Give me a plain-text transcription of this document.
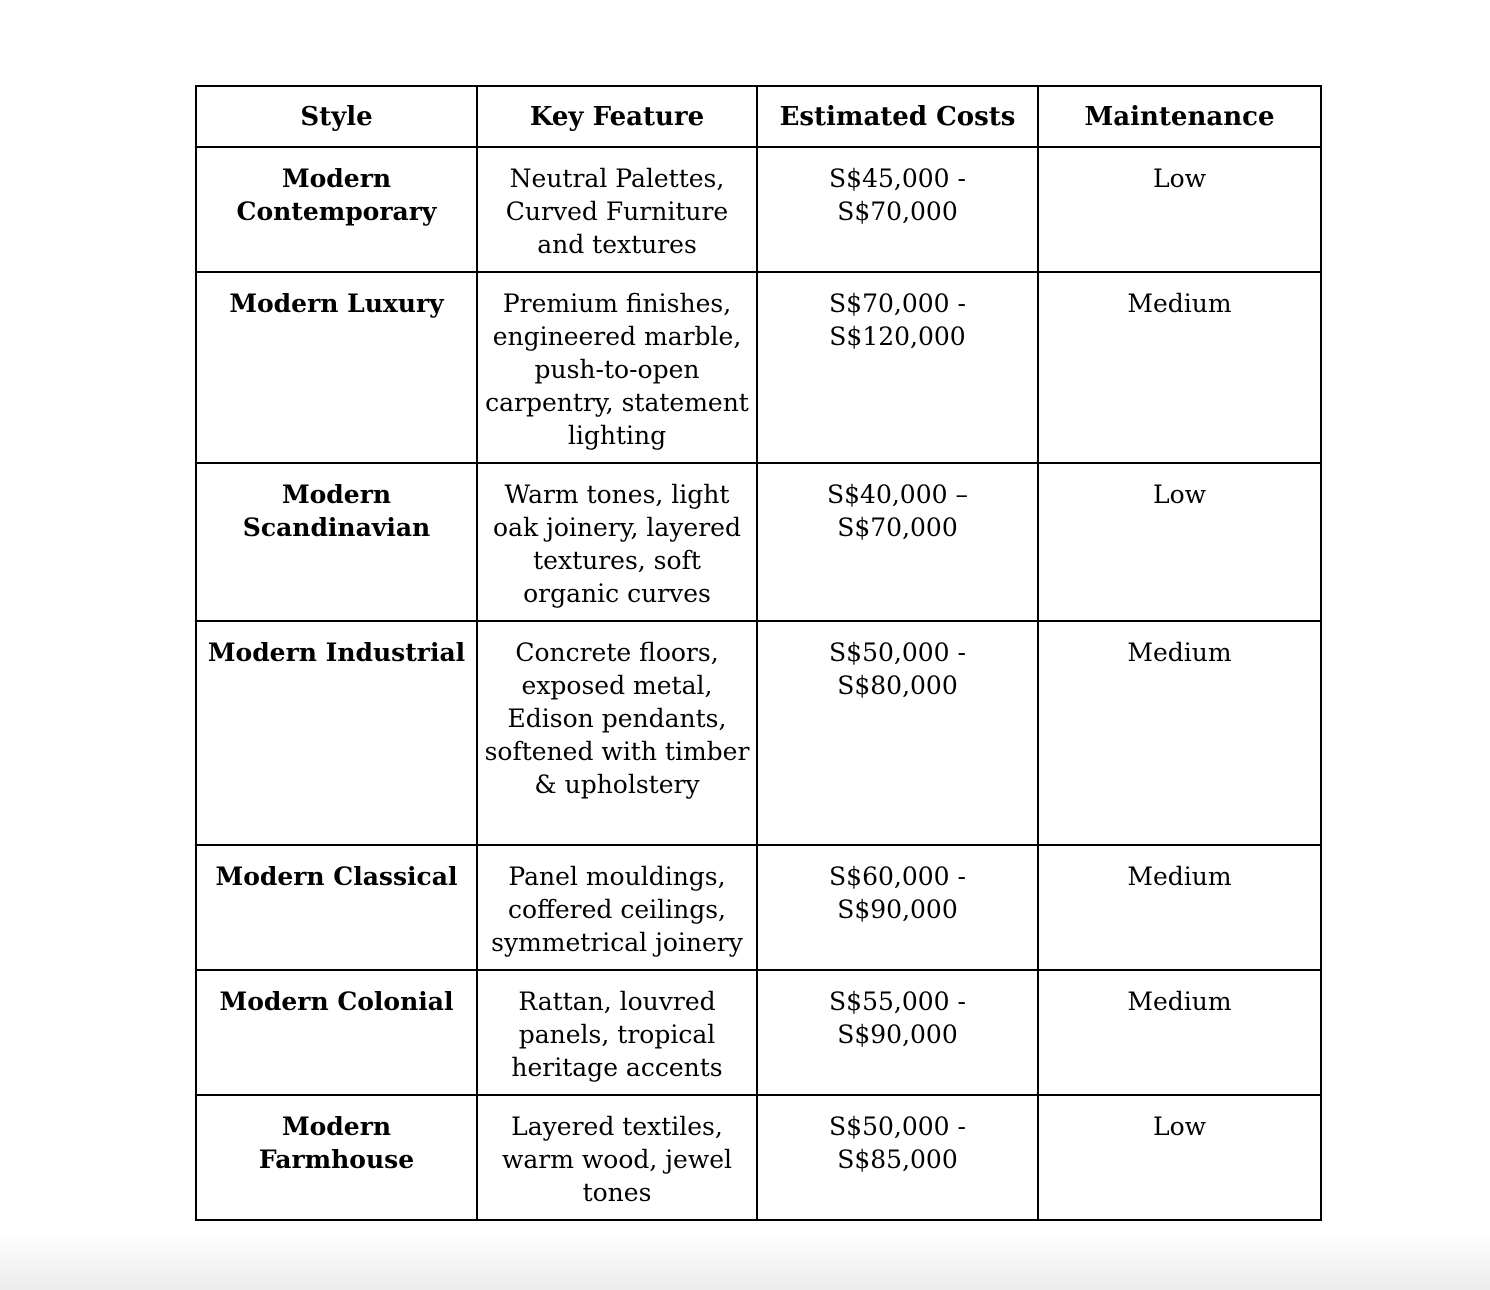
Style	Key Feature	Estimated Costs	Maintenance
Modern Contemporary	Neutral Palettes, Curved Furniture and textures	S$45,000 - S$70,000	Low
Modern Luxury	Premium finishes, engineered marble, push-to-open carpentry, statement lighting	S$70,000 - S$120,000	Medium
Modern Scandinavian	Warm tones, light oak joinery, layered textures, soft organic curves	S$40,000 – S$70,000	Low
Modern Industrial	Concrete floors, exposed metal, Edison pendants, softened with timber & upholstery	S$50,000 - S$80,000	Medium
Modern Classical	Panel mouldings, coffered ceilings, symmetrical joinery	S$60,000 - S$90,000	Medium
Modern Colonial	Rattan, louvred panels, tropical heritage accents	S$55,000 - S$90,000	Medium
Modern Farmhouse	Layered textiles, warm wood, jewel tones	S$50,000 - S$85,000	Low
